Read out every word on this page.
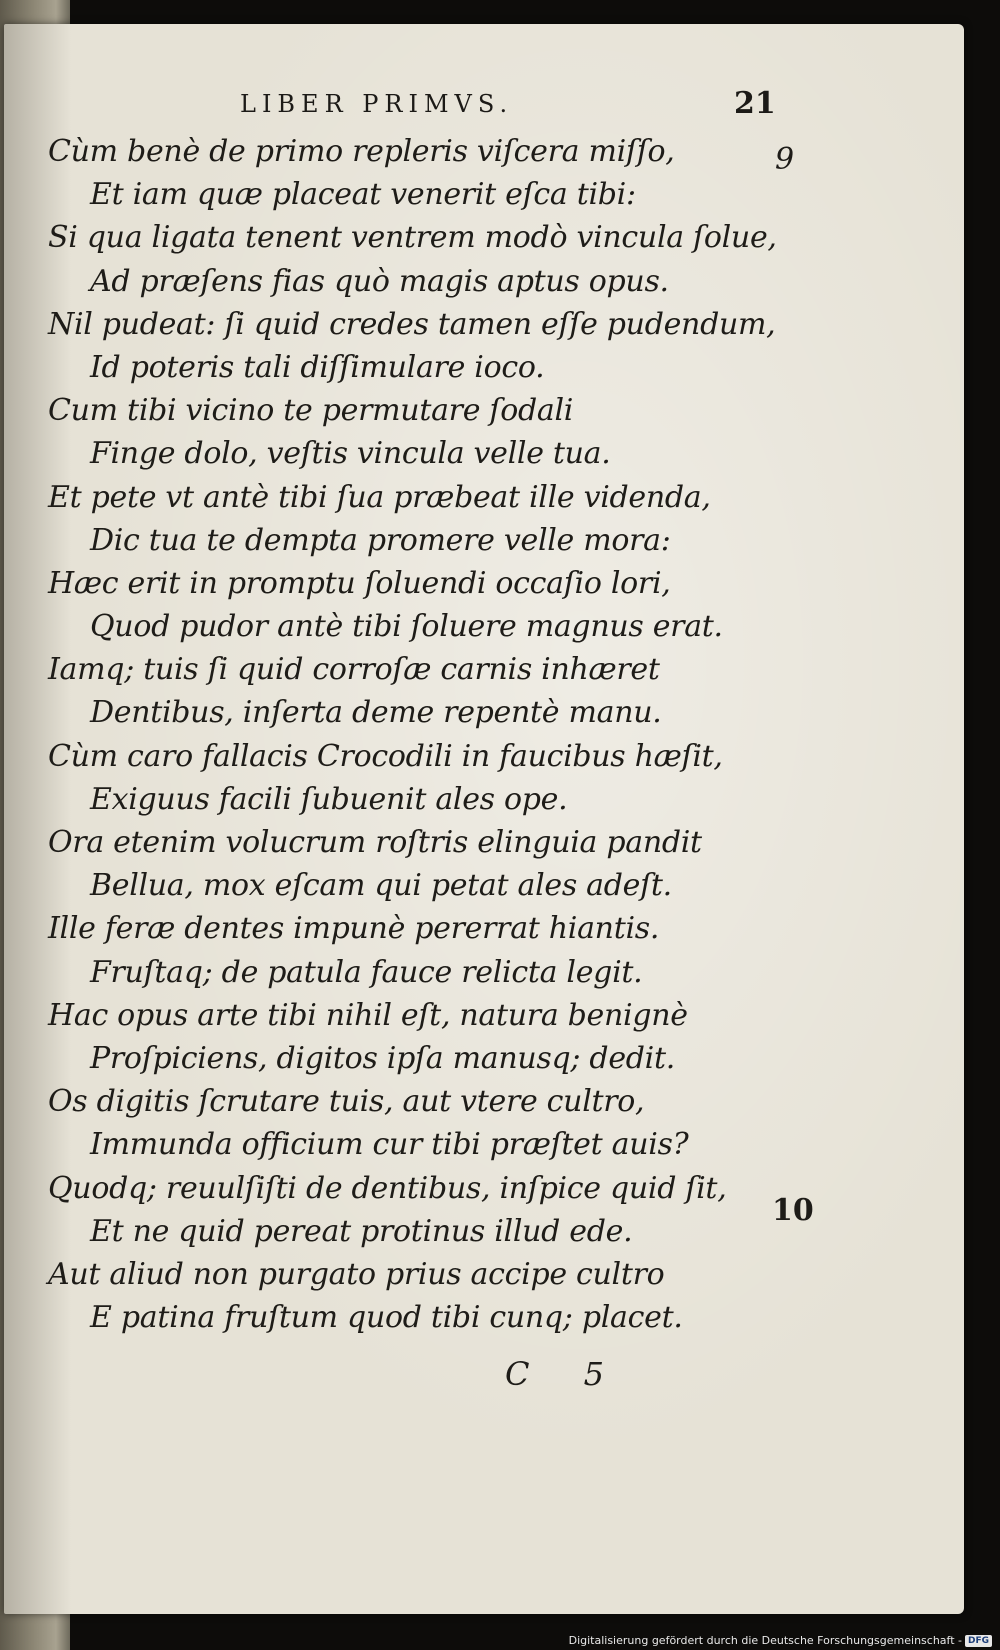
LIBER PRIMVS.	21
9
10
Cùm benè de primo repleris viſcera miſſo,
Et iam quæ placeat venerit eſca tibi:
Si qua ligata tenent ventrem modò vincula ſolue,
Ad præſens fias quò magis aptus opus.
Nil pudeat: ſi quid credes tamen eſſe pudendum,
Id poteris tali diſſimulare ioco.
Cum tibi vicino te permutare ſodali
Finge dolo, veſtis vincula velle tua.
Et pete vt antè tibi ſua præbeat ille videnda,
Dic tua te dempta promere velle mora:
Hæc erit in promptu ſoluendi occaſio lori,
Quod pudor antè tibi ſoluere magnus erat.
Iamq; tuis ſi quid corroſæ carnis inhæret
Dentibus, inſerta deme repentè manu.
Cùm caro fallacis Crocodili in faucibus hæſit,
Exiguus facili ſubuenit ales ope.
Ora etenim volucrum roſtris elinguia pandit
Bellua, mox eſcam qui petat ales adeſt.
Ille feræ dentes impunè pererrat hiantis.
Fruſtaq; de patula fauce relicta legit.
Hac opus arte tibi nihil eſt, natura benignè
Proſpiciens, digitos ipſa manusq; dedit.
Os digitis ſcrutare tuis, aut vtere cultro,
Immunda officium cur tibi præſtet auis?
Quodq; reuulſiſti de dentibus, inſpice quid ſit,
Et ne quid pereat protinus illud ede.
Aut aliud non purgato prius accipe cultro
E patina fruſtum quod tibi cunq; placet.
C 5
Digitalisierung gefördert durch die Deutsche Forschungsgemeinschaft - DFG
